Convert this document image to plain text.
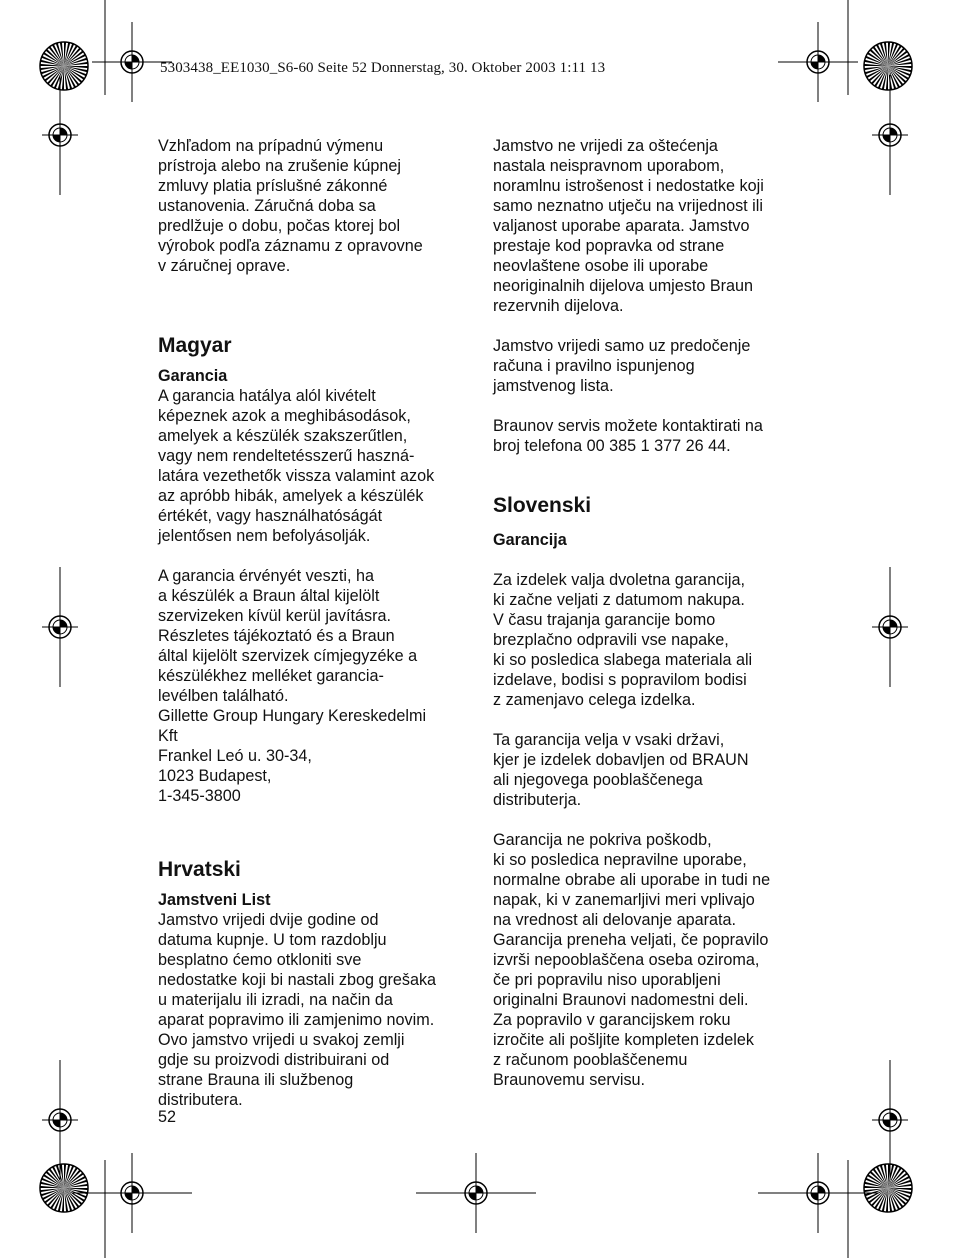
5303438_EE1030_S6-60 Seite 52 Donnerstag, 30. Oktober 2003 1:11 13

Vzhľadom na prípadnú výmenu
prístroja alebo na zrušenie kúpnej
zmluvy platia príslušné zákonné
ustanovenia. Záručná doba sa
predlžuje o dobu, počas ktorej bol
výrobok podľa záznamu z opravovne
v záručnej oprave.

Magyar

Garancia

A garancia hatálya alól kivételt
képeznek azok a meghibásodások,
amelyek a készülék szakszerűtlen,
vagy nem rendeltetésszerű haszná-
latára vezethetők vissza valamint azok
az apróbb hibák, amelyek a készülék
értékét, vagy használhatóságát
jelentősen nem befolyásolják.

A garancia érvényét veszti, ha
a készülék a Braun által kijelölt
szervizeken kívül kerül javításra.
Részletes tájékoztató és a Braun
által kijelölt szervizek címjegyzéke a
készülékhez melléket garancia-
levélben található.
Gillette Group Hungary Kereskedelmi
Kft
Frankel Leó u. 30-34,
1023 Budapest,
1-345-3800

Hrvatski

Jamstveni List

Jamstvo vrijedi dvije godine od
datuma kupnje. U tom razdoblju
besplatno ćemo otkloniti sve
nedostatke koji bi nastali zbog grešaka
u materijalu ili izradi, na način da
aparat popravimo ili zamjenimo novim.
Ovo jamstvo vrijedi u svakoj zemlji
gdje su proizvodi distribuirani od
strane Brauna ili službenog
distributera.

52

Jamstvo ne vrijedi za oštećenja
nastala neispravnom uporabom,
noramlnu istrošenost i nedostatke koji
samo neznatno utječu na vrijednost ili
valjanost uporabe aparata. Jamstvo
prestaje kod popravka od strane
neovlaštene osobe ili uporabe
neoriginalnih dijelova umjesto Braun
rezervnih dijelova.

Jamstvo vrijedi samo uz predočenje
računa i pravilno ispunjenog
jamstvenog lista.

Braunov servis možete kontaktirati na
broj telefona 00 385 1 377 26 44.

Slovenski

Garancija

Za izdelek valja dvoletna garancija,
ki začne veljati z datumom nakupa.
V času trajanja garancije bomo
brezplačno odpravili vse napake,
ki so posledica slabega materiala ali
izdelave, bodisi s popravilom bodisi
z zamenjavo celega izdelka.

Ta garancija velja v vsaki državi,
kjer je izdelek dobavljen od BRAUN
ali njegovega pooblaščenega
distributerja.

Garancija ne pokriva poškodb,
ki so posledica nepravilne uporabe,
normalne obrabe ali uporabe in tudi ne
napak, ki v zanemarljivi meri vplivajo
na vrednost ali delovanje aparata.
Garancija preneha veljati, če popravilo
izvrši nepooblaščena oseba oziroma,
če pri popravilu niso uporabljeni
originalni Braunovi nadomestni deli.
Za popravilo v garancijskem roku
izročite ali pošljite kompleten izdelek
z računom pooblaščenemu
Braunovemu servisu.
